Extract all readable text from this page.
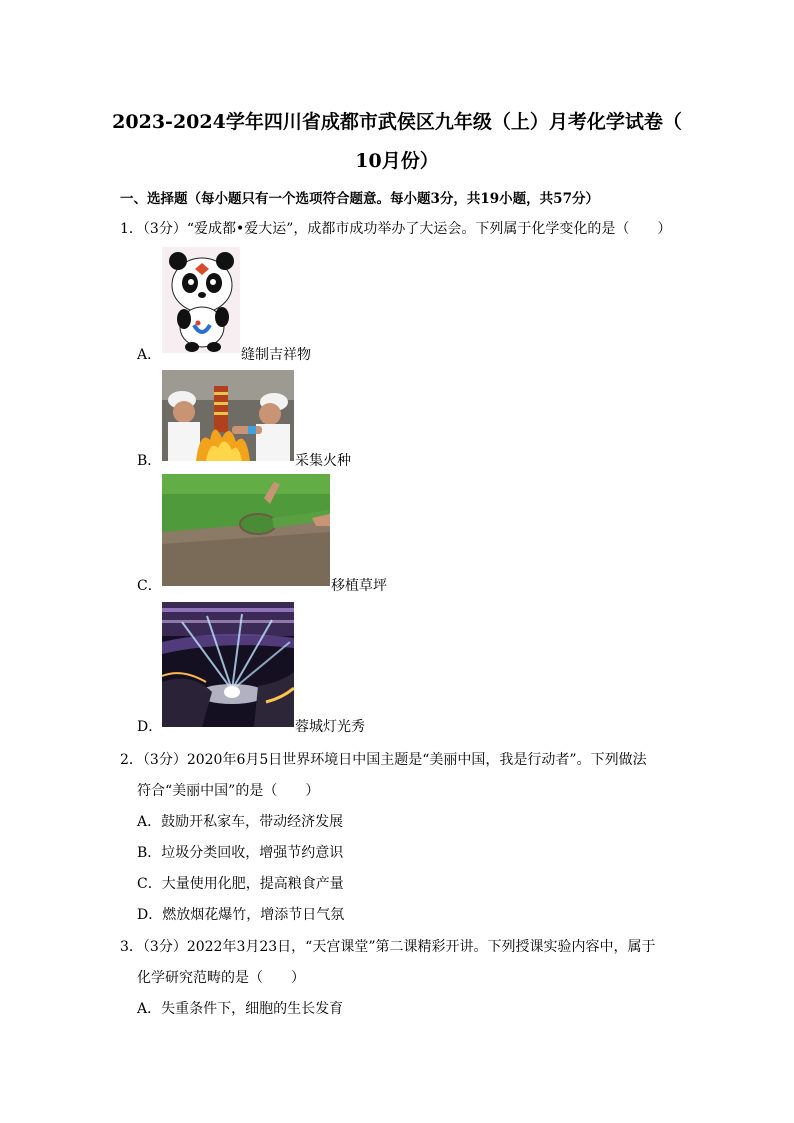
2023-2024学年四川省成都市武侯区九年级（上）月考化学试卷（
10月份）
一、选择题（每小题只有一个选项符合题意。每小题3分，共19小题，共57分）
1．（3分）“爱成都•爱大运”，成都市成功举办了大运会。下列属于化学变化的是（　　）
A．	缝制吉祥物
B．	采集火种
C．	移植草坪
D．	蓉城灯光秀
2．（3分）2020年6月5日世界环境日中国主题是“美丽中国，我是行动者”。下列做法
符合“美丽中国”的是（　　）
A．鼓励开私家车，带动经济发展
B．垃圾分类回收，增强节约意识
C．大量使用化肥，提高粮食产量
D．燃放烟花爆竹，增添节日气氛
3．（3分）2022年3月23日，“天宫课堂”第二课精彩开讲。下列授课实验内容中，属于
化学研究范畴的是（　　）
A．失重条件下，细胞的生长发育
